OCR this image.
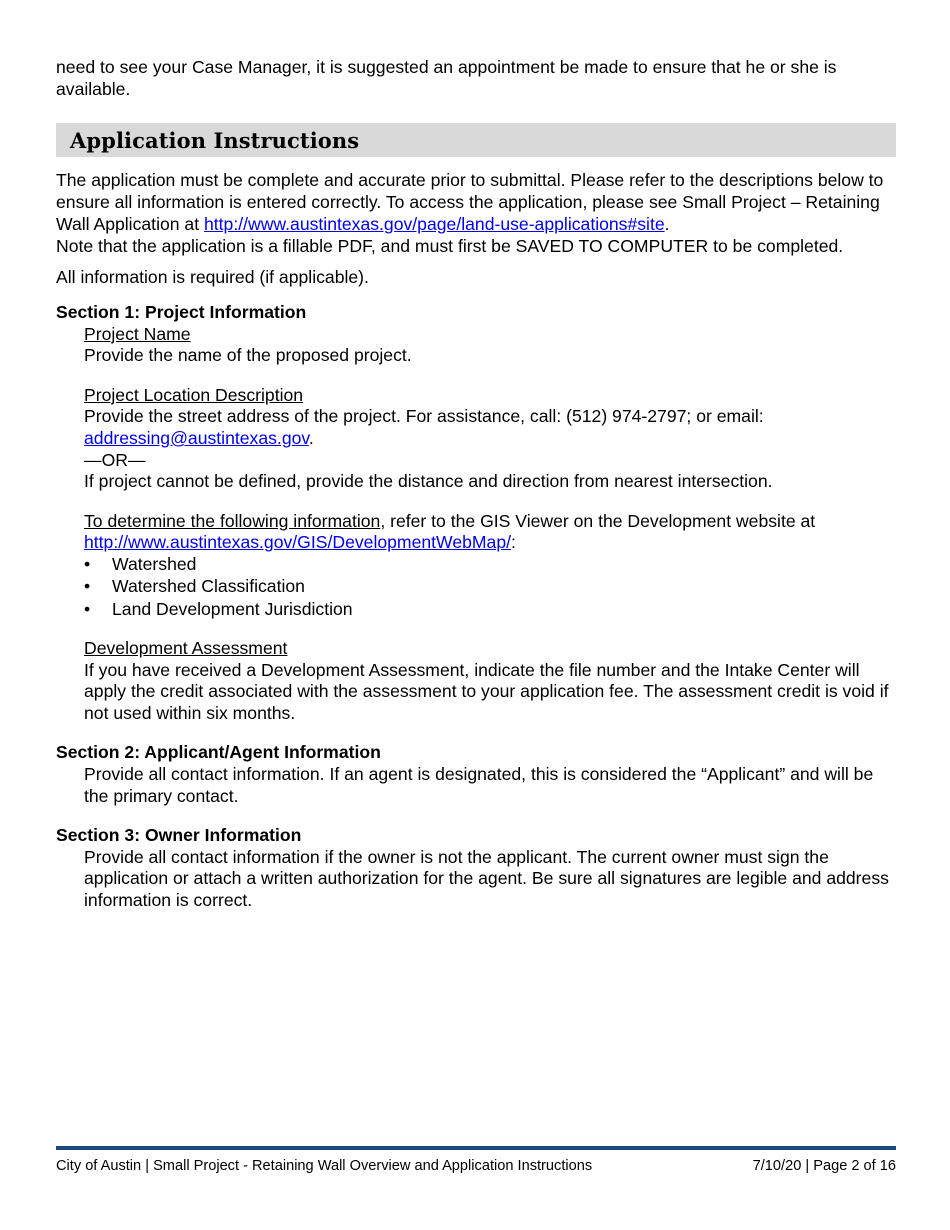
need to see your Case Manager, it is suggested an appointment be made to ensure that he or she is available.

Application Instructions
The application must be complete and accurate prior to submittal. Please refer to the descriptions below to ensure all information is entered correctly. To access the application, please see Small Project – Retaining Wall Application at http://www.austintexas.gov/page/land-use-applications#site.
Note that the application is a fillable PDF, and must first be SAVED TO COMPUTER to be completed.

All information is required (if applicable).

Section 1: Project Information
Project Name
Provide the name of the proposed project.
Project Location Description
Provide the street address of the project. For assistance, call: (512) 974-2797; or email: addressing@austintexas.gov.
—OR—
If project cannot be defined, provide the distance and direction from nearest intersection.
To determine the following information, refer to the GIS Viewer on the Development website at http://www.austintexas.gov/GIS/DevelopmentWebMap/:
• Watershed
• Watershed Classification
• Land Development Jurisdiction
Development Assessment
If you have received a Development Assessment, indicate the file number and the Intake Center will apply the credit associated with the assessment to your application fee. The assessment credit is void if not used within six months.
Section 2: Applicant/Agent Information
Provide all contact information. If an agent is designated, this is considered the “Applicant” and will be the primary contact.
Section 3: Owner Information
Provide all contact information if the owner is not the applicant. The current owner must sign the application or attach a written authorization for the agent. Be sure all signatures are legible and address information is correct.
City of Austin | Small Project - Retaining Wall Overview and Application Instructions	7/10/20 | Page 2 of 16
